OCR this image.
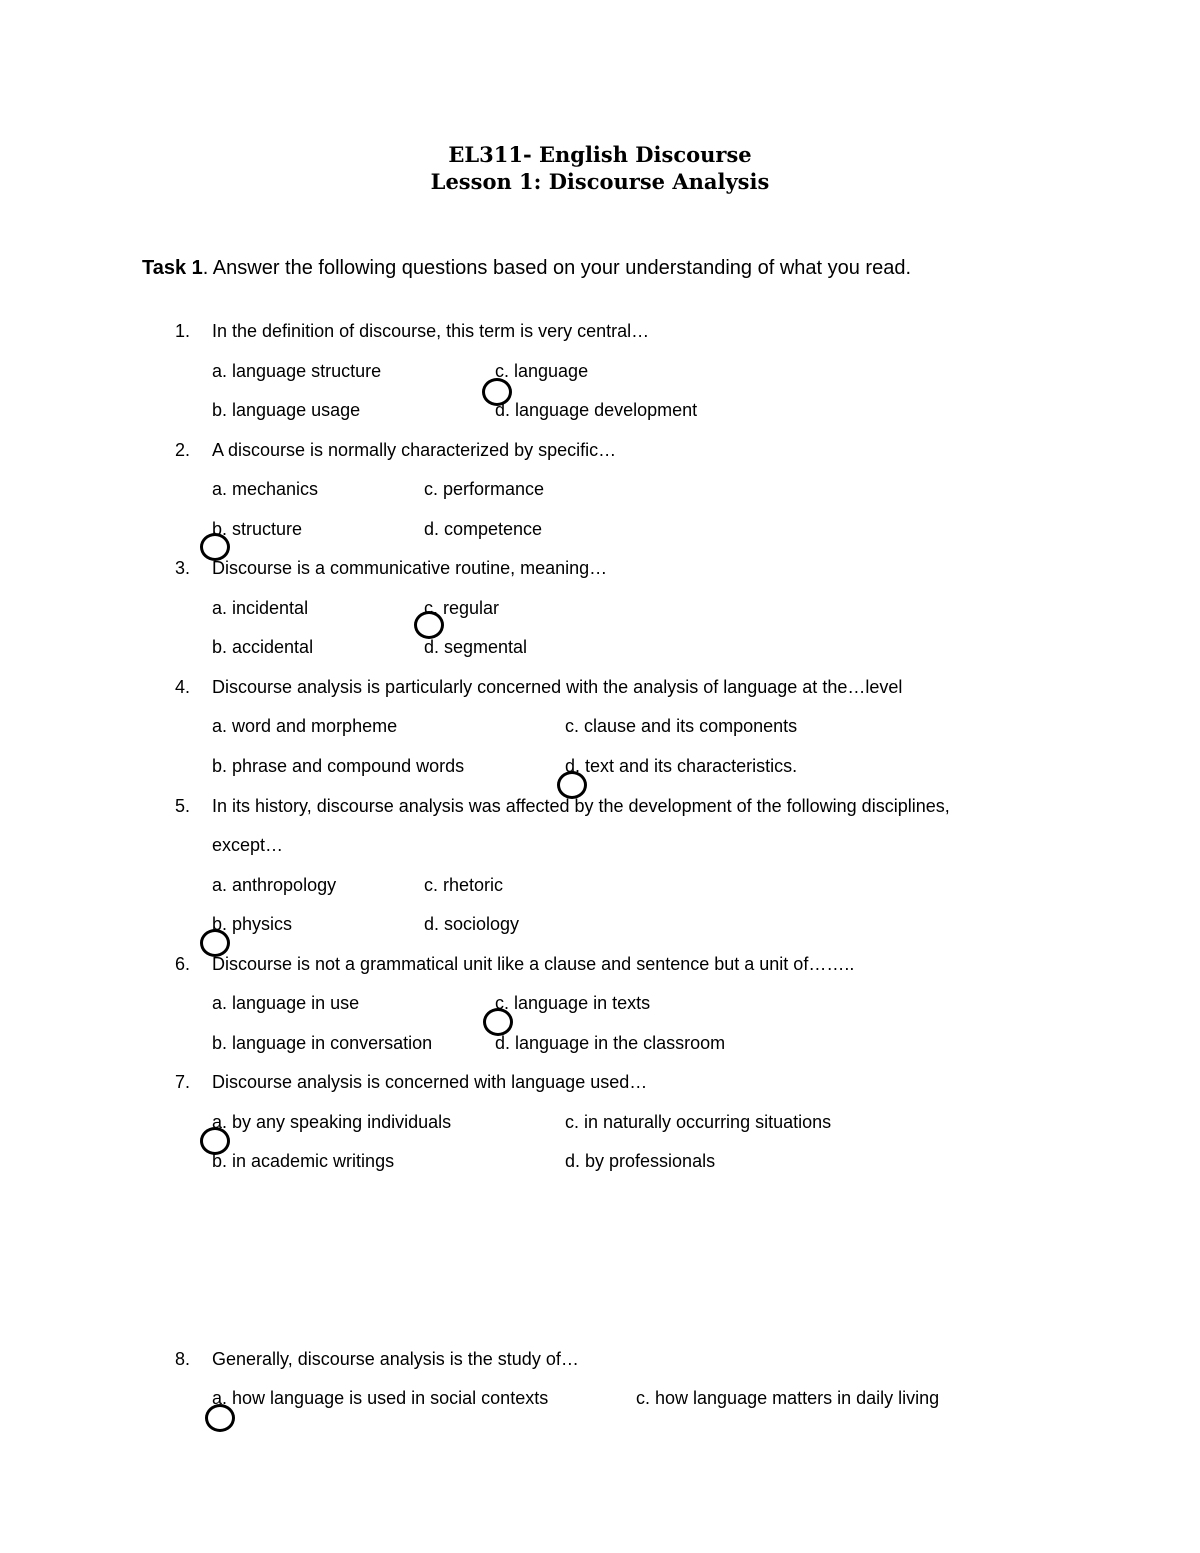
EL311- English Discourse
Lesson 1: Discourse Analysis
Task 1. Answer the following questions based on your understanding of what you read.
1. In the definition of discourse, this term is very central…
a. language structure	c. language
b. language usage	d. language development
2. A discourse is normally characterized by specific…
a. mechanics	c. performance
b. structure	d. competence
3. Discourse is a communicative routine, meaning…
a. incidental	c. regular
b. accidental	d. segmental
4. Discourse analysis is particularly concerned with the analysis of language at the…level
a. word and morpheme	c. clause and its components
b. phrase and compound words	d. text and its characteristics.
5. In its history, discourse analysis was affected by the development of the following disciplines,
except…
a. anthropology	c. rhetoric
b. physics	d. sociology
6. Discourse is not a grammatical unit like a clause and sentence but a unit of……..
a. language in use	c. language in texts
b. language in conversation	d. language in the classroom
7. Discourse analysis is concerned with language used…
a. by any speaking individuals	c. in naturally occurring situations
b. in academic writings	d. by professionals
8. Generally, discourse analysis is the study of…
a. how language is used in social contexts	c. how language matters in daily living
